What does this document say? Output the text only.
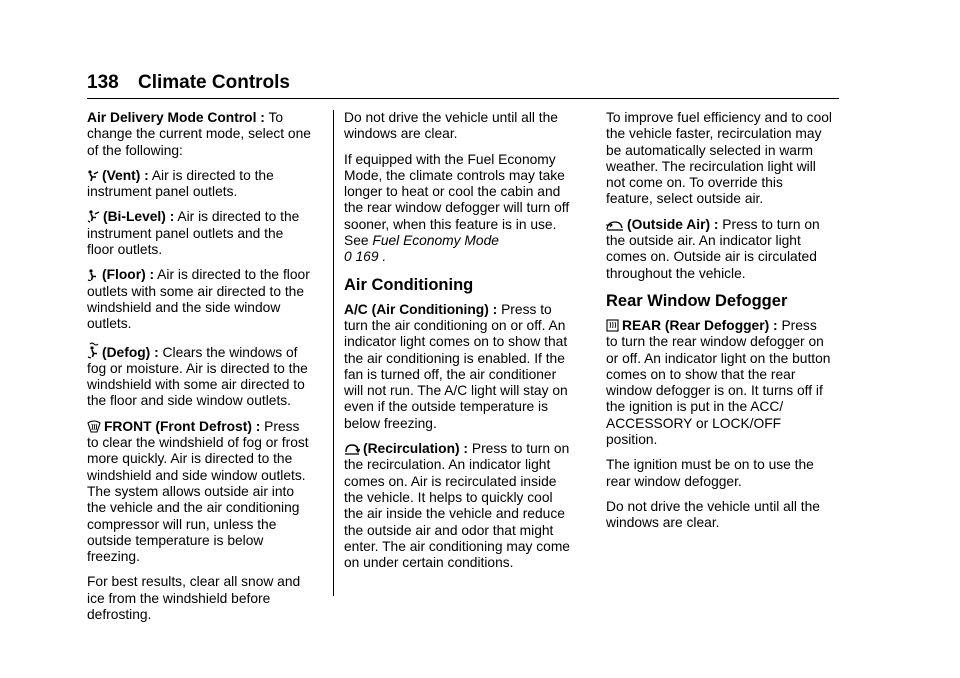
138 Climate Controls

Air Delivery Mode Control : To change the current mode, select one of the following:

(Vent) : Air is directed to the instrument panel outlets.

(Bi-Level) : Air is directed to the instrument panel outlets and the floor outlets.

(Floor) : Air is directed to the floor outlets with some air directed to the windshield and the side window outlets.

(Defog) : Clears the windows of fog or moisture. Air is directed to the windshield with some air directed to the floor and side window outlets.

FRONT (Front Defrost) : Press to clear the windshield of fog or frost more quickly. Air is directed to the windshield and side window outlets. The system allows outside air into the vehicle and the air conditioning compressor will run, unless the outside temperature is below freezing.

For best results, clear all snow and ice from the windshield before defrosting.

Do not drive the vehicle until all the windows are clear.

If equipped with the Fuel Economy Mode, the climate controls may take longer to heat or cool the cabin and the rear window defogger will turn off sooner, when this feature is in use. See Fuel Economy Mode
0 169 .

Air Conditioning

A/C (Air Conditioning) : Press to turn the air conditioning on or off. An indicator light comes on to show that the air conditioning is enabled. If the fan is turned off, the air conditioner will not run. The A/C light will stay on even if the outside temperature is below freezing.

(Recirculation) : Press to turn on the recirculation. An indicator light comes on. Air is recirculated inside the vehicle. It helps to quickly cool the air inside the vehicle and reduce the outside air and odor that might enter. The air conditioning may come on under certain conditions.

To improve fuel efficiency and to cool the vehicle faster, recirculation may be automatically selected in warm weather. The recirculation light will not come on. To override this feature, select outside air.

(Outside Air) : Press to turn on the outside air. An indicator light comes on. Outside air is circulated throughout the vehicle.

Rear Window Defogger

REAR (Rear Defogger) : Press to turn the rear window defogger on or off. An indicator light on the button comes on to show that the rear window defogger is on. It turns off if the ignition is put in the ACC/ ACCESSORY or LOCK/OFF position.

The ignition must be on to use the rear window defogger.

Do not drive the vehicle until all the windows are clear.
